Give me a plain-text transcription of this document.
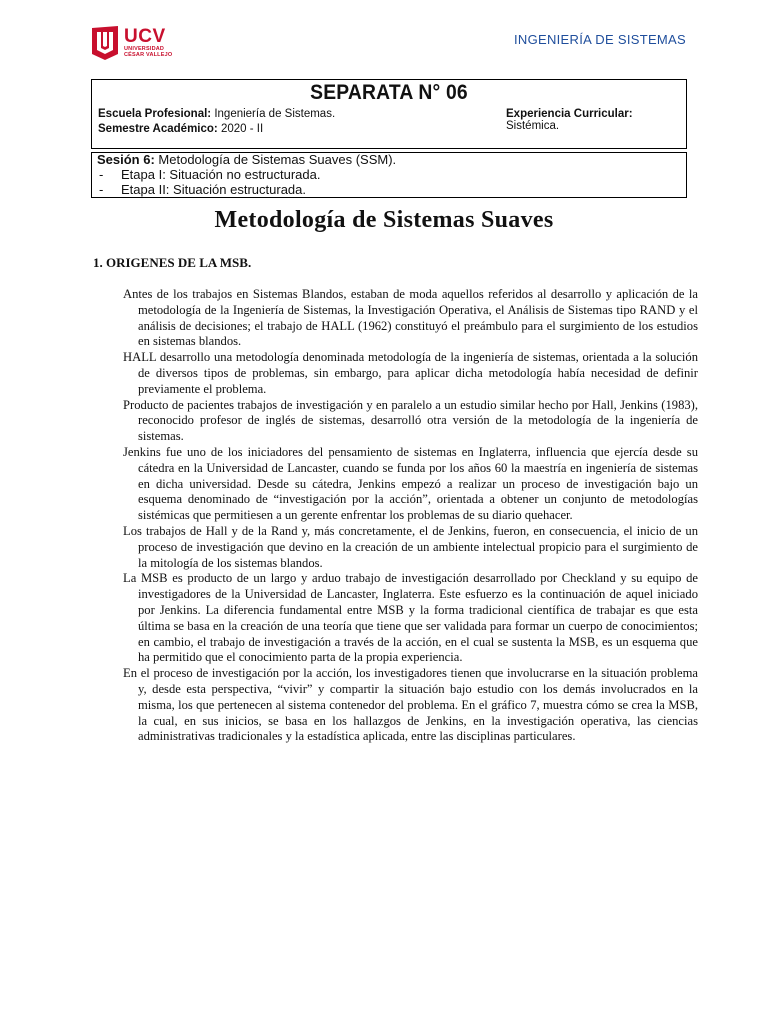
UCV
UNIVERSIDAD
CÉSAR VALLEJO
INGENIERÍA DE SISTEMAS
SEPARATA N° 06
Escuela Profesional: Ingeniería de Sistemas.	Experiencia Curricular: Sistémica.
Semestre Académico: 2020 - II
Sesión 6: Metodología de Sistemas Suaves (SSM).
- Etapa I: Situación no estructurada.
- Etapa II: Situación estructurada.
Metodología de Sistemas Suaves
1. ORIGENES DE LA MSB.

Antes de los trabajos en Sistemas Blandos, estaban de moda aquellos referidos al desarrollo y aplicación de la metodología de la Ingeniería de Sistemas, la Investigación Operativa, el Análisis de Sistemas tipo RAND y el análisis de decisiones; el trabajo de HALL (1962) constituyó el preámbulo para el surgimiento de los estudios en sistemas blandos.

HALL desarrollo una metodología denominada metodología de la ingeniería de sistemas, orientada a la solución de diversos tipos de problemas, sin embargo, para aplicar dicha metodología había necesidad de definir previamente el problema.

Producto de pacientes trabajos de investigación y en paralelo a un estudio similar hecho por Hall, Jenkins (1983), reconocido profesor de inglés de sistemas, desarrolló otra versión de la metodología de la ingeniería de sistemas.

Jenkins fue uno de los iniciadores del pensamiento de sistemas en Inglaterra, influencia que ejercía desde su cátedra en la Universidad de Lancaster, cuando se funda por los años 60 la maestría en ingeniería de sistemas en dicha universidad. Desde su cátedra, Jenkins empezó a realizar un proceso de investigación bajo un esquema denominado de “investigación por la acción”, orientada a obtener un conjunto de metodologías sistémicas que permitiesen a un gerente enfrentar los problemas de su diario quehacer.

Los trabajos de Hall y de la Rand y, más concretamente, el de Jenkins, fueron, en consecuencia, el inicio de un proceso de investigación que devino en la creación de un ambiente intelectual propicio para el surgimiento de la mitología de los sistemas blandos.

La MSB es producto de un largo y arduo trabajo de investigación desarrollado por Checkland y su equipo de investigadores de la Universidad de Lancaster, Inglaterra. Este esfuerzo es la continuación de aquel iniciado por Jenkins. La diferencia fundamental entre MSB y la forma tradicional científica de trabajar es que esta última se basa en la creación de una teoría que tiene que ser validada para formar un cuerpo de conocimientos; en cambio, el trabajo de investigación a través de la acción, en el cual se sustenta la MSB, es un esquema que ha permitido que el conocimiento parta de la propia experiencia.

En el proceso de investigación por la acción, los investigadores tienen que involucrarse en la situación problema y, desde esta perspectiva, “vivir” y compartir la situación bajo estudio con los demás involucrados en la misma, los que pertenecen al sistema contenedor del problema. En el gráfico 7, muestra cómo se crea la MSB, la cual, en sus inicios, se basa en los hallazgos de Jenkins, en la investigación operativa, las ciencias administrativas tradicionales y la estadística aplicada, entre las disciplinas particulares.
